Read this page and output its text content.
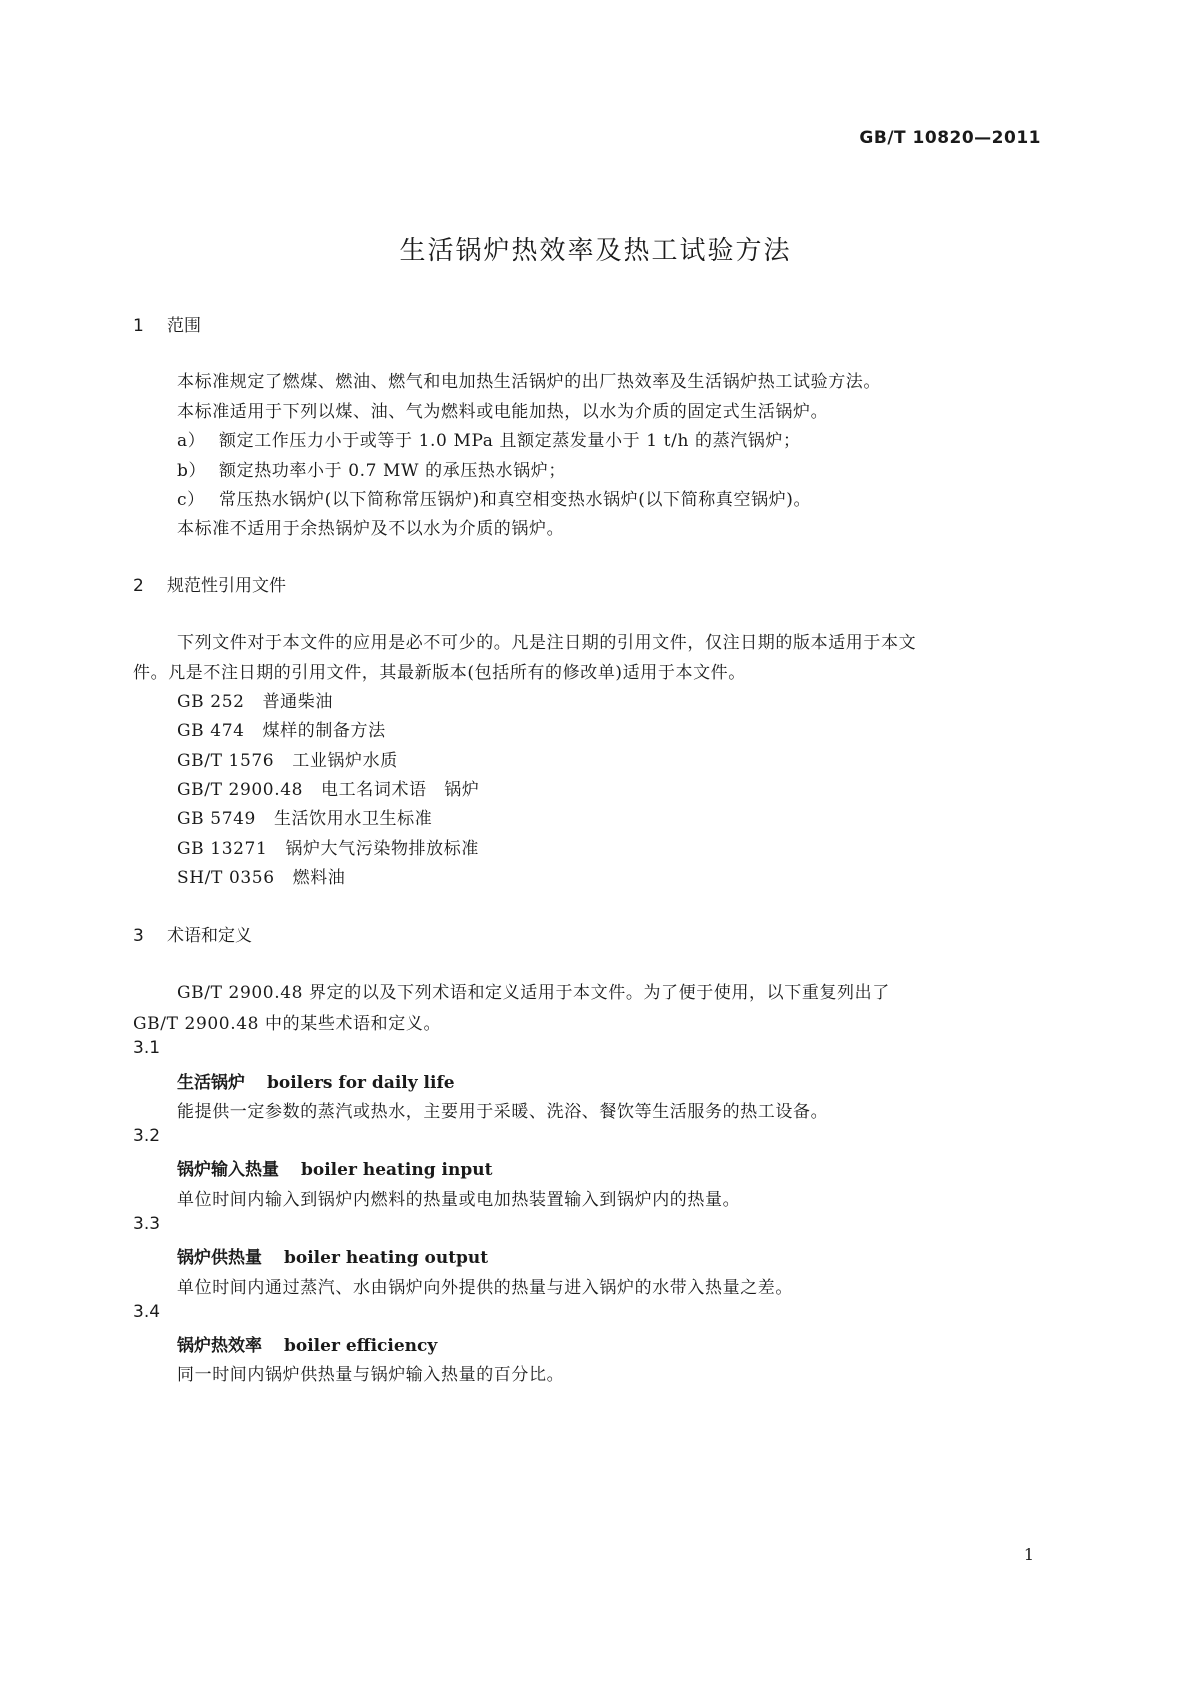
GB/T 10820—2011
生活锅炉热效率及热工试验方法
1 范围
本标准规定了燃煤、燃油、燃气和电加热生活锅炉的出厂热效率及生活锅炉热工试验方法。
本标准适用于下列以煤、油、气为燃料或电能加热，以水为介质的固定式生活锅炉。
a） 额定工作压力小于或等于 1.0 MPa 且额定蒸发量小于 1 t/h 的蒸汽锅炉；
b） 额定热功率小于 0.7 MW 的承压热水锅炉；
c） 常压热水锅炉(以下简称常压锅炉)和真空相变热水锅炉(以下简称真空锅炉)。
本标准不适用于余热锅炉及不以水为介质的锅炉。
2 规范性引用文件
下列文件对于本文件的应用是必不可少的。凡是注日期的引用文件，仅注日期的版本适用于本文
件。凡是不注日期的引用文件，其最新版本(包括所有的修改单)适用于本文件。
GB 252 普通柴油
GB 474 煤样的制备方法
GB/T 1576 工业锅炉水质
GB/T 2900.48 电工名词术语　锅炉
GB 5749 生活饮用水卫生标准
GB 13271 锅炉大气污染物排放标准
SH/T 0356 燃料油
3 术语和定义
GB/T 2900.48 界定的以及下列术语和定义适用于本文件。为了便于使用，以下重复列出了
GB/T 2900.48 中的某些术语和定义。
3.1
生活锅炉 boilers for daily life
能提供一定参数的蒸汽或热水，主要用于采暖、洗浴、餐饮等生活服务的热工设备。
3.2
锅炉输入热量 boiler heating input
单位时间内输入到锅炉内燃料的热量或电加热装置输入到锅炉内的热量。
3.3
锅炉供热量 boiler heating output
单位时间内通过蒸汽、水由锅炉向外提供的热量与进入锅炉的水带入热量之差。
3.4
锅炉热效率 boiler efficiency
同一时间内锅炉供热量与锅炉输入热量的百分比。
1
